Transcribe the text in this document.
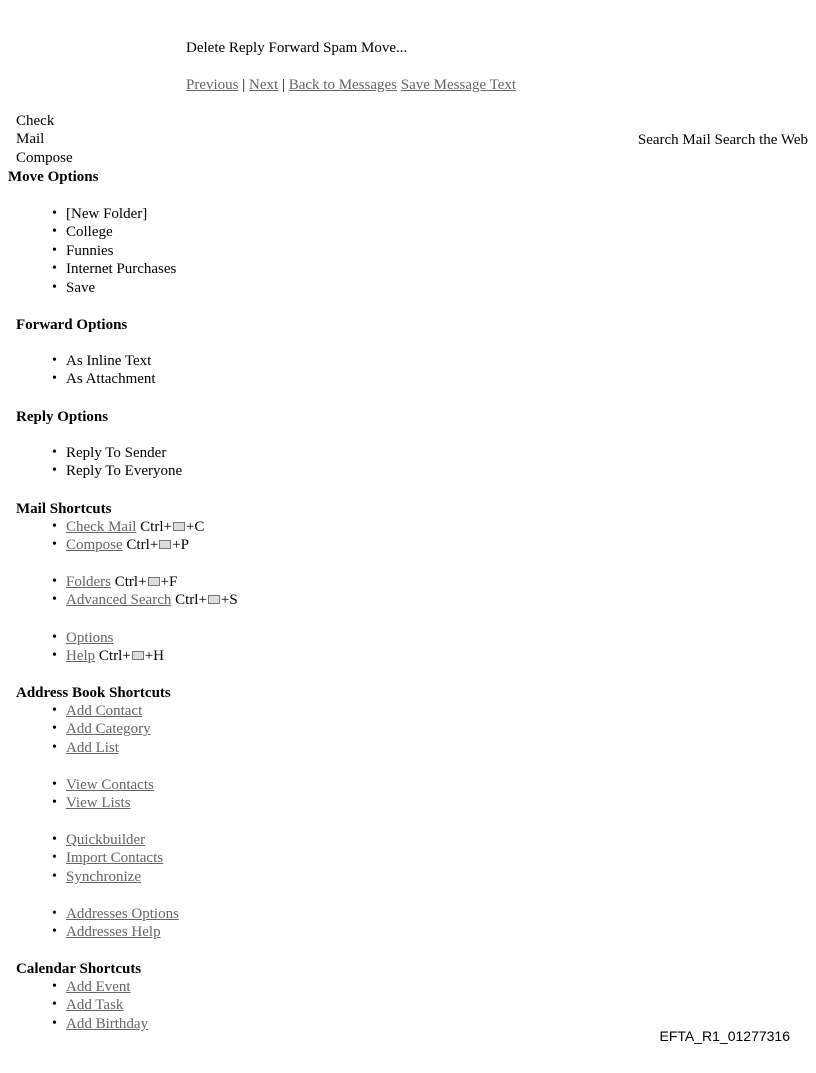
Delete Reply Forward Spam Move...
Previous | Next | Back to Messages Save Message Text
Check
Mail
Compose
Search Mail Search the Web
Move Options
• [New Folder]
• College
• Funnies
• Internet Purchases
• Save
Forward Options
• As Inline Text
• As Attachment
Reply Options
• Reply To Sender
• Reply To Everyone
Mail Shortcuts
• Check Mail Ctrl+ +C
• Compose Ctrl+ +P
• Folders Ctrl+ +F
• Advanced Search Ctrl+ +S
• Options
• Help Ctrl+ +H
Address Book Shortcuts
• Add Contact
• Add Category
• Add List
• View Contacts
• View Lists
• Quickbuilder
• Import Contacts
• Synchronize
• Addresses Options
• Addresses Help
Calendar Shortcuts
• Add Event
• Add Task
• Add Birthday
EFTA_R1_01277316
